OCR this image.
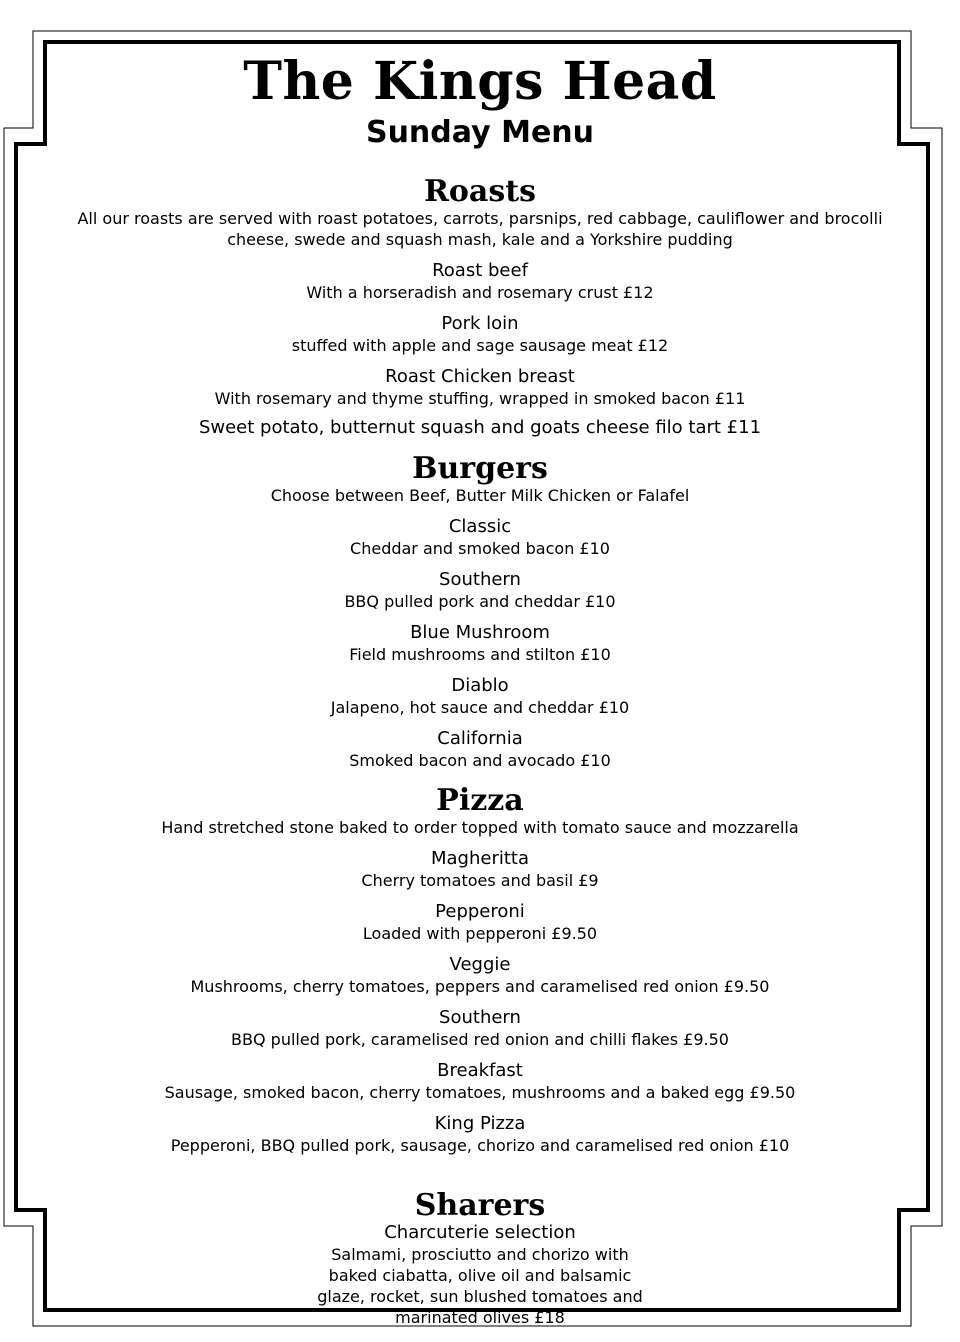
The Kings Head
Sunday Menu
Roasts

All our roasts are served with roast potatoes, carrots, parsnips, red cabbage, cauliflower and brocolli cheese, swede and squash mash, kale and a Yorkshire pudding

Roast beef
With a horseradish and rosemary crust £12
Pork loin
stuffed with apple and sage sausage meat £12
Roast Chicken breast
With rosemary and thyme stuffing, wrapped in smoked bacon £11
Sweet potato, butternut squash and goats cheese filo tart £11
Burgers

Choose between Beef, Butter Milk Chicken or Falafel

Classic
Cheddar and smoked bacon £10
Southern
BBQ pulled pork and cheddar £10
Blue Mushroom
Field mushrooms and stilton £10
Diablo
Jalapeno, hot sauce and cheddar £10
California
Smoked bacon and avocado £10
Pizza

Hand stretched stone baked to order topped with tomato sauce and mozzarella

Magheritta
Cherry tomatoes and basil £9
Pepperoni
Loaded with pepperoni £9.50
Veggie
Mushrooms, cherry tomatoes, peppers and caramelised red onion £9.50
Southern
BBQ pulled pork, caramelised red onion and chilli flakes £9.50
Breakfast
Sausage, smoked bacon, cherry tomatoes, mushrooms and a baked egg £9.50
King Pizza
Pepperoni, BBQ pulled pork, sausage, chorizo and caramelised red onion £10
Sharers
Charcuterie selection
Salmami, prosciutto and chorizo with baked ciabatta, olive oil and balsamic glaze, rocket, sun blushed tomatoes and marinated olives £18
